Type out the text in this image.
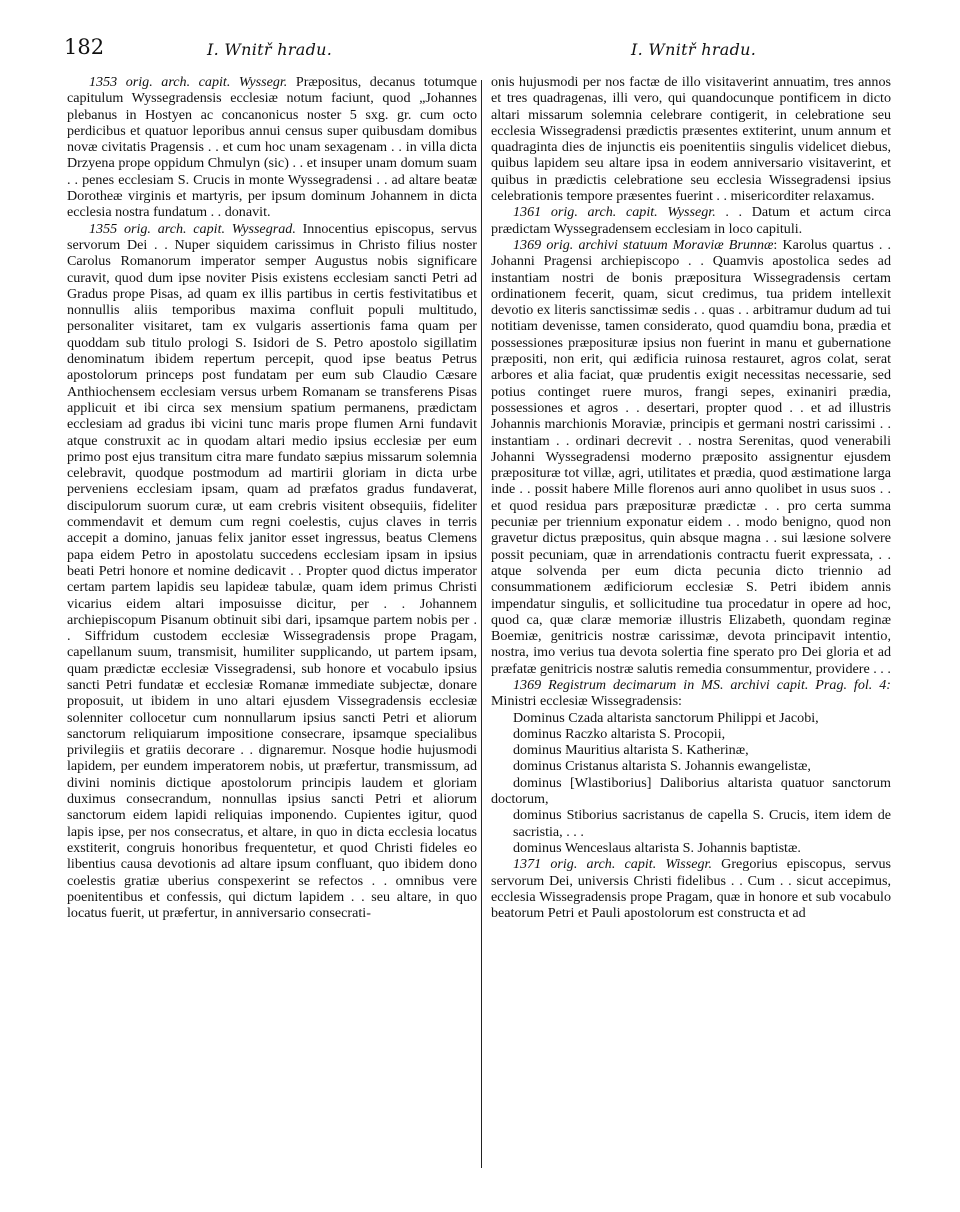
182	I. Wnitř hradu.	I. Wnitř hradu.

1353 orig. arch. capit. Wyssegr. Præpositus, decanus totumque capitulum Wyssegradensis ecclesiæ notum faciunt, quod „Johannes plebanus in Hostyen ac concanonicus noster 5 sxg. gr. cum octo perdicibus et quatuor leporibus annui census super quibusdam domibus novæ civitatis Pragensis . . et cum hoc unam sexagenam . . in villa dicta Drzyena prope oppidum Chmulyn (sic) . . et insuper unam domum suam . . penes ecclesiam S. Crucis in monte Wyssegradensi . . ad altare beatæ Dorotheæ virginis et martyris, per ipsum dominum Johannem in dicta ecclesia nostra fundatum . . donavit.

1355 orig. arch. capit. Wyssegrad. Innocentius episcopus, servus servorum Dei . . Nuper siquidem carissimus in Christo filius noster Carolus Romanorum imperator semper Augustus nobis significare curavit, quod dum ipse noviter Pisis existens ecclesiam sancti Petri ad Gradus prope Pisas, ad quam ex illis partibus in certis festivitatibus et nonnullis aliis temporibus maxima confluit populi multitudo, personaliter visitaret, tam ex vulgaris assertionis fama quam per quoddam sub titulo prologi S. Isidori de S. Petro apostolo sigillatim denominatum ibidem repertum percepit, quod ipse beatus Petrus apostolorum princeps post fundatam per eum sub Claudio Cæsare Anthiochensem ecclesiam versus urbem Romanam se transferens Pisas applicuit et ibi circa sex mensium spatium permanens, prædictam ecclesiam ad gradus ibi vicini tunc maris prope flumen Arni fundavit atque construxit ac in quodam altari medio ipsius ecclesiæ per eum primo post ejus transitum citra mare fundato sæpius missarum solemnia celebravit, quodque postmodum ad martirii gloriam in dicta urbe perveniens ecclesiam ipsam, quam ad præfatos gradus fundaverat, discipulorum suorum curæ, ut eam crebris visitent obsequiis, fideliter commendavit et demum cum regni coelestis, cujus claves in terris accepit a domino, januas felix janitor esset ingressus, beatus Clemens papa eidem Petro in apostolatu succedens ecclesiam ipsam in ipsius beati Petri honore et nomine dedicavit . . Propter quod dictus imperator certam partem lapidis seu lapideæ tabulæ, quam idem primus Christi vicarius eidem altari imposuisse dicitur, per . . Johannem archiepiscopum Pisanum obtinuit sibi dari, ipsamque partem nobis per . . Siffridum custodem ecclesiæ Wissegradensis prope Pragam, capellanum suum, transmisit, humiliter supplicando, ut partem ipsam, quam prædictæ ecclesiæ Vissegradensi, sub honore et vocabulo ipsius sancti Petri fundatæ et ecclesiæ Romanæ immediate subjectæ, donare proposuit, ut ibidem in uno altari ejusdem Vissegradensis ecclesiæ solenniter collocetur cum nonnullarum ipsius sancti Petri et aliorum sanctorum reliquiarum impositione consecrare, ipsamque specialibus privilegiis et gratiis decorare . . dignaremur. Nosque hodie hujusmodi lapidem, per eundem imperatorem nobis, ut præfertur, transmissum, ad divini nominis dictique apostolorum principis laudem et gloriam duximus consecrandum, nonnullas ipsius sancti Petri et aliorum sanctorum eidem lapidi reliquias imponendo. Cupientes igitur, quod lapis ipse, per nos consecratus, et altare, in quo in dicta ecclesia locatus exstiterit, congruis honoribus frequentetur, et quod Christi fideles eo libentius causa devotionis ad altare ipsum confluant, quo ibidem dono coelestis gratiæ uberius conspexerint se refectos . . omnibus vere poenitentibus et confessis, qui dictum lapidem . . seu altare, in quo locatus fuerit, ut præfertur, in anniversario consecrati-

onis hujusmodi per nos factæ de illo visitaverint annuatim, tres annos et tres quadragenas, illi vero, qui quandocunque pontificem in dicto altari missarum solemnia celebrare contigerit, in celebratione seu ecclesia Wissegradensi prædictis præsentes extiterint, unum annum et quadraginta dies de injunctis eis poenitentiis singulis videlicet diebus, quibus lapidem seu altare ipsa in eodem anniversario visitaverint, et quibus in prædictis celebratione seu ecclesia Wissegradensi ipsius celebrationis tempore præsentes fuerint . . misericorditer relaxamus.

1361 orig. arch. capit. Wyssegr. . . Datum et actum circa prædictam Wyssegradensem ecclesiam in loco capituli.

1369 orig. archivi statuum Moraviæ Brunnæ: Karolus quartus . . Johanni Pragensi archiepiscopo . . Quamvis apostolica sedes ad instantiam nostri de bonis præpositura Wissegradensis certam ordinationem fecerit, quam, sicut credimus, tua pridem intellexit devotio ex literis sanctissimæ sedis . . quas . . arbitramur dudum ad tui notitiam devenisse, tamen considerato, quod quamdiu bona, prædia et possessiones præposituræ ipsius non fuerint in manu et gubernatione præpositi, non erit, qui ædificia ruinosa restauret, agros colat, serat arbores et alia faciat, quæ prudentis exigit necessitas necessarie, sed potius continget ruere muros, frangi sepes, exinaniri prædia, possessiones et agros . . desertari, propter quod . . et ad illustris Johannis marchionis Moraviæ, principis et germani nostri carissimi . . instantiam . . ordinari decrevit . . nostra Serenitas, quod venerabili Johanni Wyssegradensi moderno præposito assignentur ejusdem præposituræ tot villæ, agri, utilitates et prædia, quod æstimatione larga inde . . possit habere Mille florenos auri anno quolibet in usus suos . . et quod residua pars præposituræ prædictæ . . pro certa summa pecuniæ per triennium exponatur eidem . . modo benigno, quod non gravetur dictus præpositus, quin absque magna . . sui læsione solvere possit pecuniam, quæ in arrendationis contractu fuerit expressata, . . atque solvenda per eum dicta pecunia dicto triennio ad consummationem ædificiorum ecclesiæ S. Petri ibidem annis impendatur singulis, et sollicitudine tua procedatur in opere ad hoc, quod ca, quæ claræ memoriæ illustris Elizabeth, quondam reginæ Boemiæ, genitricis nostræ carissimæ, devota principavit intentio, nostra, imo verius tua devota solertia fine sperato pro Dei gloria et ad præfatæ genitricis nostræ salutis remedia consummentur, providere . . .

1369 Registrum decimarum in MS. archivi capit. Prag. fol. 4: Ministri ecclesiæ Wissegradensis:

Dominus Czada altarista sanctorum Philippi et Jacobi,

dominus Raczko altarista S. Procopii,

dominus Mauritius altarista S. Katherinæ,

dominus Cristanus altarista S. Johannis ewangelistæ,

dominus [Wlastiborius] Daliborius altarista quatuor sanctorum doctorum,

dominus Stiborius sacristanus de capella S. Crucis, item idem de sacristia, . . .

dominus Wenceslaus altarista S. Johannis baptistæ.

1371 orig. arch. capit. Wissegr. Gregorius episcopus, servus servorum Dei, universis Christi fidelibus . . Cum . . sicut accepimus, ecclesia Wissegradensis prope Pragam, quæ in honore et sub vocabulo beatorum Petri et Pauli apostolorum est constructa et ad
